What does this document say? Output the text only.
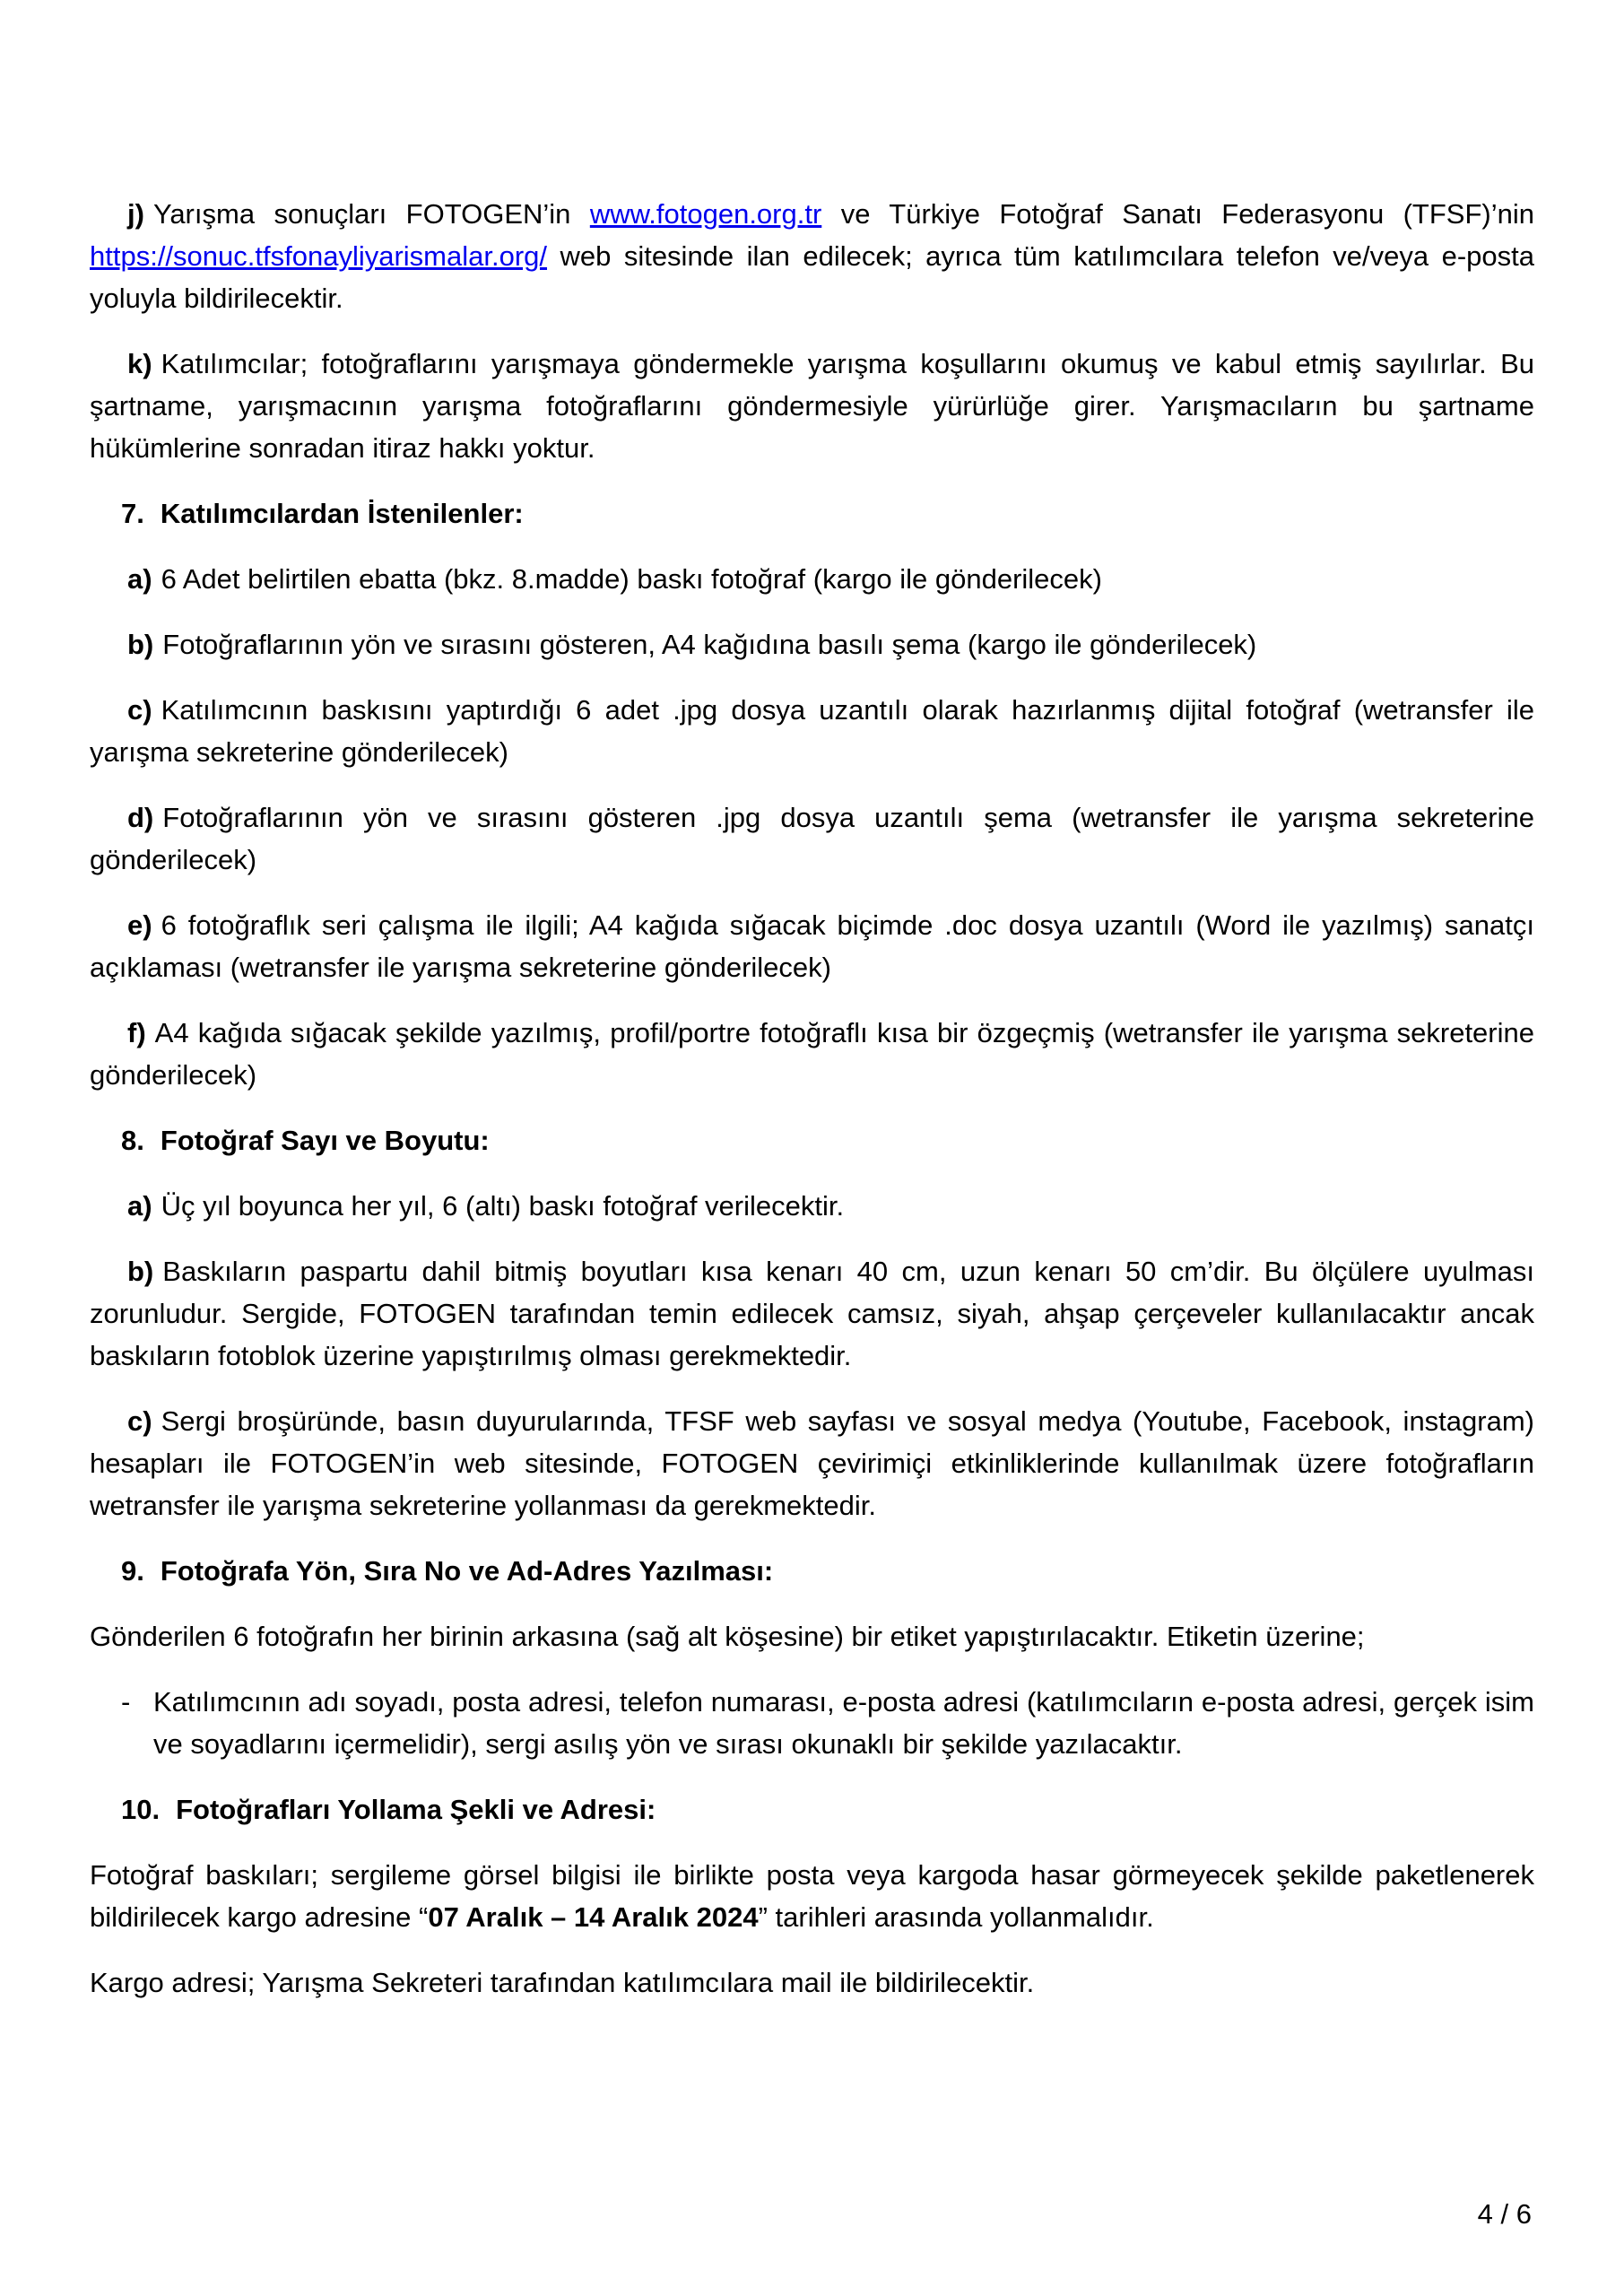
j) Yarışma sonuçları FOTOGEN’in www.fotogen.org.tr ve Türkiye Fotoğraf Sanatı Federasyonu (TFSF)’nin https://sonuc.tfsfonayliyarismalar.org/ web sitesinde ilan edilecek; ayrıca tüm katılımcılara telefon ve/veya e-posta yoluyla bildirilecektir.

k) Katılımcılar; fotoğraflarını yarışmaya göndermekle yarışma koşullarını okumuş ve kabul etmiş sayılırlar. Bu şartname, yarışmacının yarışma fotoğraflarını göndermesiyle yürürlüğe girer. Yarışmacıların bu şartname hükümlerine sonradan itiraz hakkı yoktur.

7. Katılımcılardan İstenilenler:

a) 6 Adet belirtilen ebatta (bkz. 8.madde) baskı fotoğraf (kargo ile gönderilecek)

b) Fotoğraflarının yön ve sırasını gösteren, A4 kağıdına basılı şema (kargo ile gönderilecek)

c) Katılımcının baskısını yaptırdığı 6 adet .jpg dosya uzantılı olarak hazırlanmış dijital fotoğraf (wetransfer ile yarışma sekreterine gönderilecek)

d) Fotoğraflarının yön ve sırasını gösteren .jpg dosya uzantılı şema (wetransfer ile yarışma sekreterine gönderilecek)

e) 6 fotoğraflık seri çalışma ile ilgili; A4 kağıda sığacak biçimde .doc dosya uzantılı (Word ile yazılmış) sanatçı açıklaması (wetransfer ile yarışma sekreterine gönderilecek)

f) A4 kağıda sığacak şekilde yazılmış, profil/portre fotoğraflı kısa bir özgeçmiş (wetransfer ile yarışma sekreterine gönderilecek)

8. Fotoğraf Sayı ve Boyutu:

a) Üç yıl boyunca her yıl, 6 (altı) baskı fotoğraf verilecektir.

b) Baskıların paspartu dahil bitmiş boyutları kısa kenarı 40 cm, uzun kenarı 50 cm’dir. Bu ölçülere uyulması zorunludur. Sergide, FOTOGEN tarafından temin edilecek camsız, siyah, ahşap çerçeveler kullanılacaktır ancak baskıların fotoblok üzerine yapıştırılmış olması gerekmektedir.

c) Sergi broşüründe, basın duyurularında, TFSF web sayfası ve sosyal medya (Youtube, Facebook, instagram) hesapları ile FOTOGEN’in web sitesinde, FOTOGEN çevirimiçi etkinliklerinde kullanılmak üzere fotoğrafların wetransfer ile yarışma sekreterine yollanması da gerekmektedir.

9. Fotoğrafa Yön, Sıra No ve Ad-Adres Yazılması:

Gönderilen 6 fotoğrafın her birinin arkasına (sağ alt köşesine) bir etiket yapıştırılacaktır. Etiketin üzerine;

- Katılımcının adı soyadı, posta adresi, telefon numarası, e-posta adresi (katılımcıların e-posta adresi, gerçek isim ve soyadlarını içermelidir), sergi asılış yön ve sırası okunaklı bir şekilde yazılacaktır.

10. Fotoğrafları Yollama Şekli ve Adresi:

Fotoğraf baskıları; sergileme görsel bilgisi ile birlikte posta veya kargoda hasar görmeyecek şekilde paketlenerek bildirilecek kargo adresine “07 Aralık – 14 Aralık 2024” tarihleri arasında yollanmalıdır.

Kargo adresi; Yarışma Sekreteri tarafından katılımcılara mail ile bildirilecektir.

4 / 6
